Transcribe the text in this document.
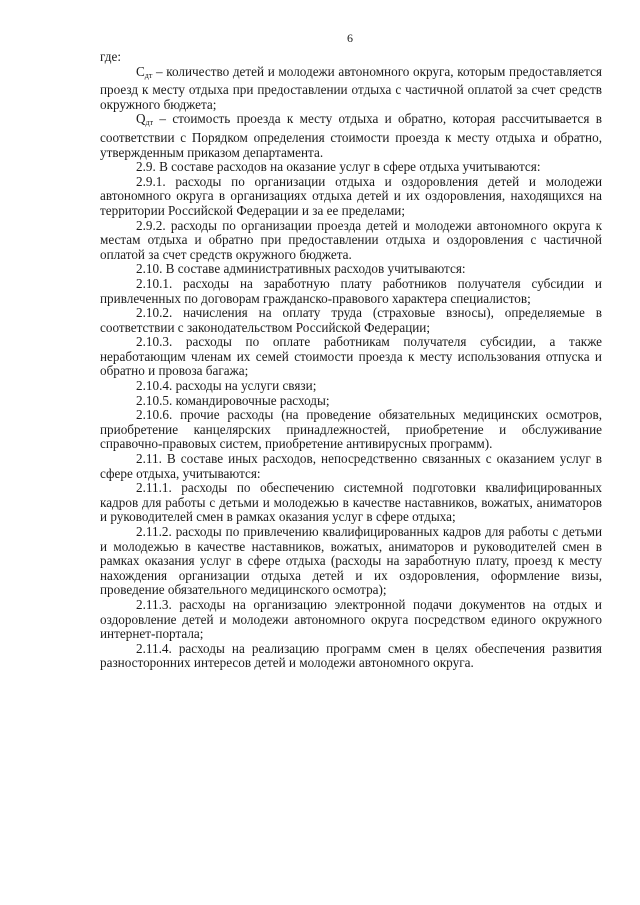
6

где:

$С_{дт}$ – количество детей и молодежи автономного округа, которым предоставляется проезд к месту отдыха при предоставлении отдыха с частичной оплатой за счет средств окружного бюджета;

$Q_{дт}$ – стоимость проезда к месту отдыха и обратно, которая рассчитывается в соответствии с Порядком определения стоимости проезда к месту отдыха и обратно, утвержденным приказом департамента.

2.9. В составе расходов на оказание услуг в сфере отдыха учитываются:

2.9.1. расходы по организации отдыха и оздоровления детей и молодежи автономного округа в организациях отдыха детей и их оздоровления, находящихся на территории Российской Федерации и за ее пределами;

2.9.2. расходы по организации проезда детей и молодежи автономного округа к местам отдыха и обратно при предоставлении отдыха и оздоровления с частичной оплатой за счет средств окружного бюджета.

2.10. В составе административных расходов учитываются:

2.10.1. расходы на заработную плату работников получателя субсидии и привлеченных по договорам гражданско-правового характера специалистов;

2.10.2. начисления на оплату труда (страховые взносы), определяемые в соответствии с законодательством Российской Федерации;

2.10.3. расходы по оплате работникам получателя субсидии, а также неработающим членам их семей стоимости проезда к месту использования отпуска и обратно и провоза багажа;

2.10.4. расходы на услуги связи;

2.10.5. командировочные расходы;

2.10.6. прочие расходы (на проведение обязательных медицинских осмотров, приобретение канцелярских принадлежностей, приобретение и обслуживание справочно-правовых систем, приобретение антивирусных программ).

2.11. В составе иных расходов, непосредственно связанных с оказанием услуг в сфере отдыха, учитываются:

2.11.1. расходы по обеспечению системной подготовки квалифицированных кадров для работы с детьми и молодежью в качестве наставников, вожатых, аниматоров и руководителей смен в рамках оказания услуг в сфере отдыха;

2.11.2. расходы по привлечению квалифицированных кадров для работы с детьми и молодежью в качестве наставников, вожатых, аниматоров и руководителей смен в рамках оказания услуг в сфере отдыха (расходы на заработную плату, проезд к месту нахождения организации отдыха детей и их оздоровления, оформление визы, проведение обязательного медицинского осмотра);

2.11.3. расходы на организацию электронной подачи документов на отдых и оздоровление детей и молодежи автономного округа посредством единого окружного интернет-портала;

2.11.4. расходы на реализацию программ смен в целях обеспечения развития разносторонних интересов детей и молодежи автономного округа.
